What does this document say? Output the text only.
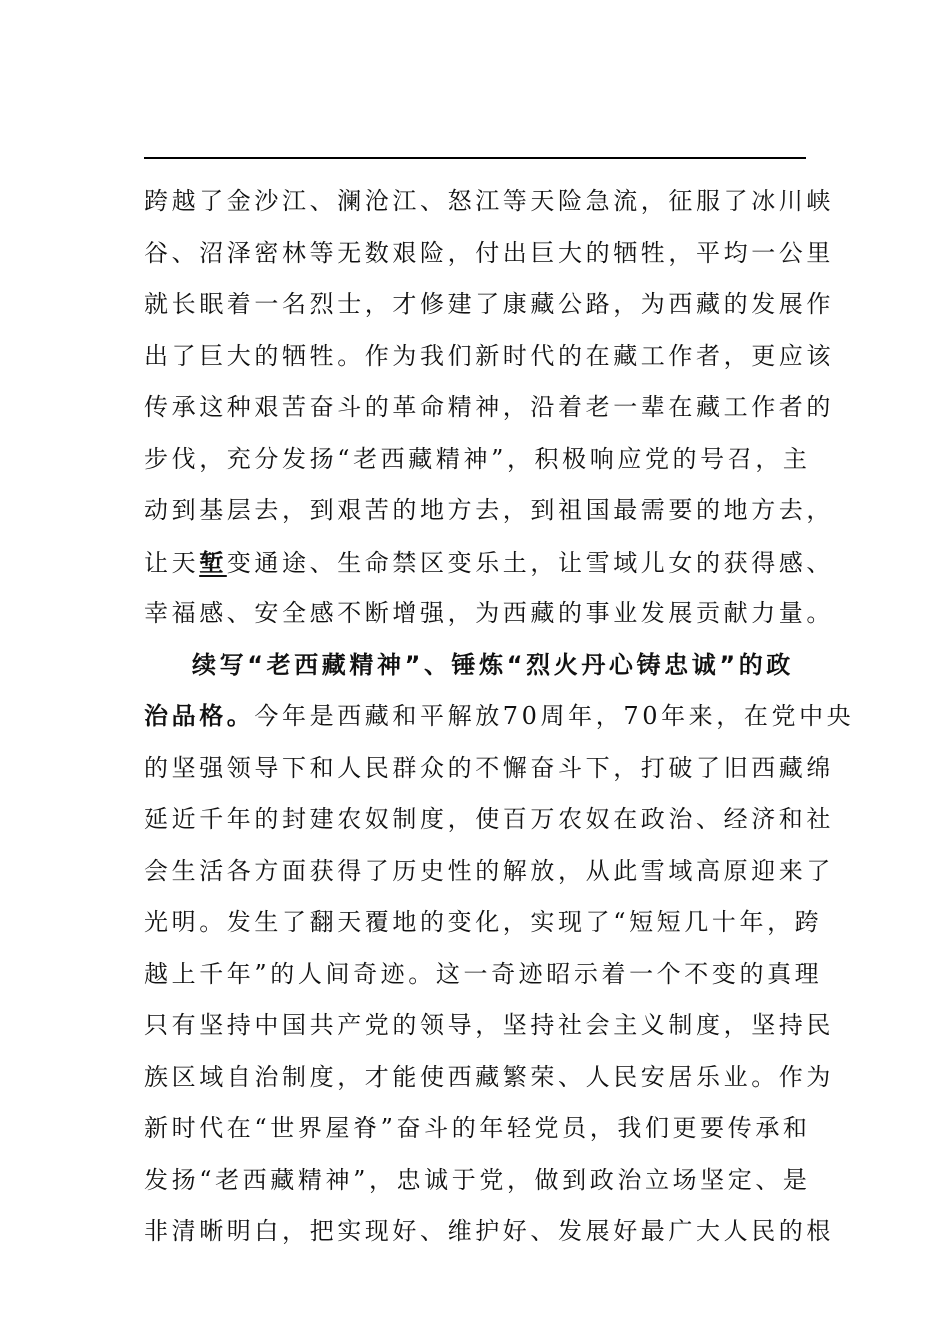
跨越了金沙江、澜沧江、怒江等天险急流，征服了冰川峡
谷、沼泽密林等无数艰险，付出巨大的牺牲，平均一公里
就长眠着一名烈士，才修建了康藏公路，为西藏的发展作
出了巨大的牺牲。作为我们新时代的在藏工作者，更应该
传承这种艰苦奋斗的革命精神，沿着老一辈在藏工作者的
步伐，充分发扬“老西藏精神”，积极响应党的号召，主
动到基层去，到艰苦的地方去，到祖国最需要的地方去，
让天堑变通途、生命禁区变乐土，让雪域儿女的获得感、
幸福感、安全感不断增强，为西藏的事业发展贡献力量。
续写“老西藏精神”、锤炼“烈火丹心铸忠诚”的政
治品格。今年是西藏和平解放70周年，70年来，在党中央
的坚强领导下和人民群众的不懈奋斗下，打破了旧西藏绵
延近千年的封建农奴制度，使百万农奴在政治、经济和社
会生活各方面获得了历史性的解放，从此雪域高原迎来了
光明。发生了翻天覆地的变化，实现了“短短几十年，跨
越上千年”的人间奇迹。这一奇迹昭示着一个不变的真理
只有坚持中国共产党的领导，坚持社会主义制度，坚持民
族区域自治制度，才能使西藏繁荣、人民安居乐业。作为
新时代在“世界屋脊”奋斗的年轻党员，我们更要传承和
发扬“老西藏精神”，忠诚于党，做到政治立场坚定、是
非清晰明白，把实现好、维护好、发展好最广大人民的根
